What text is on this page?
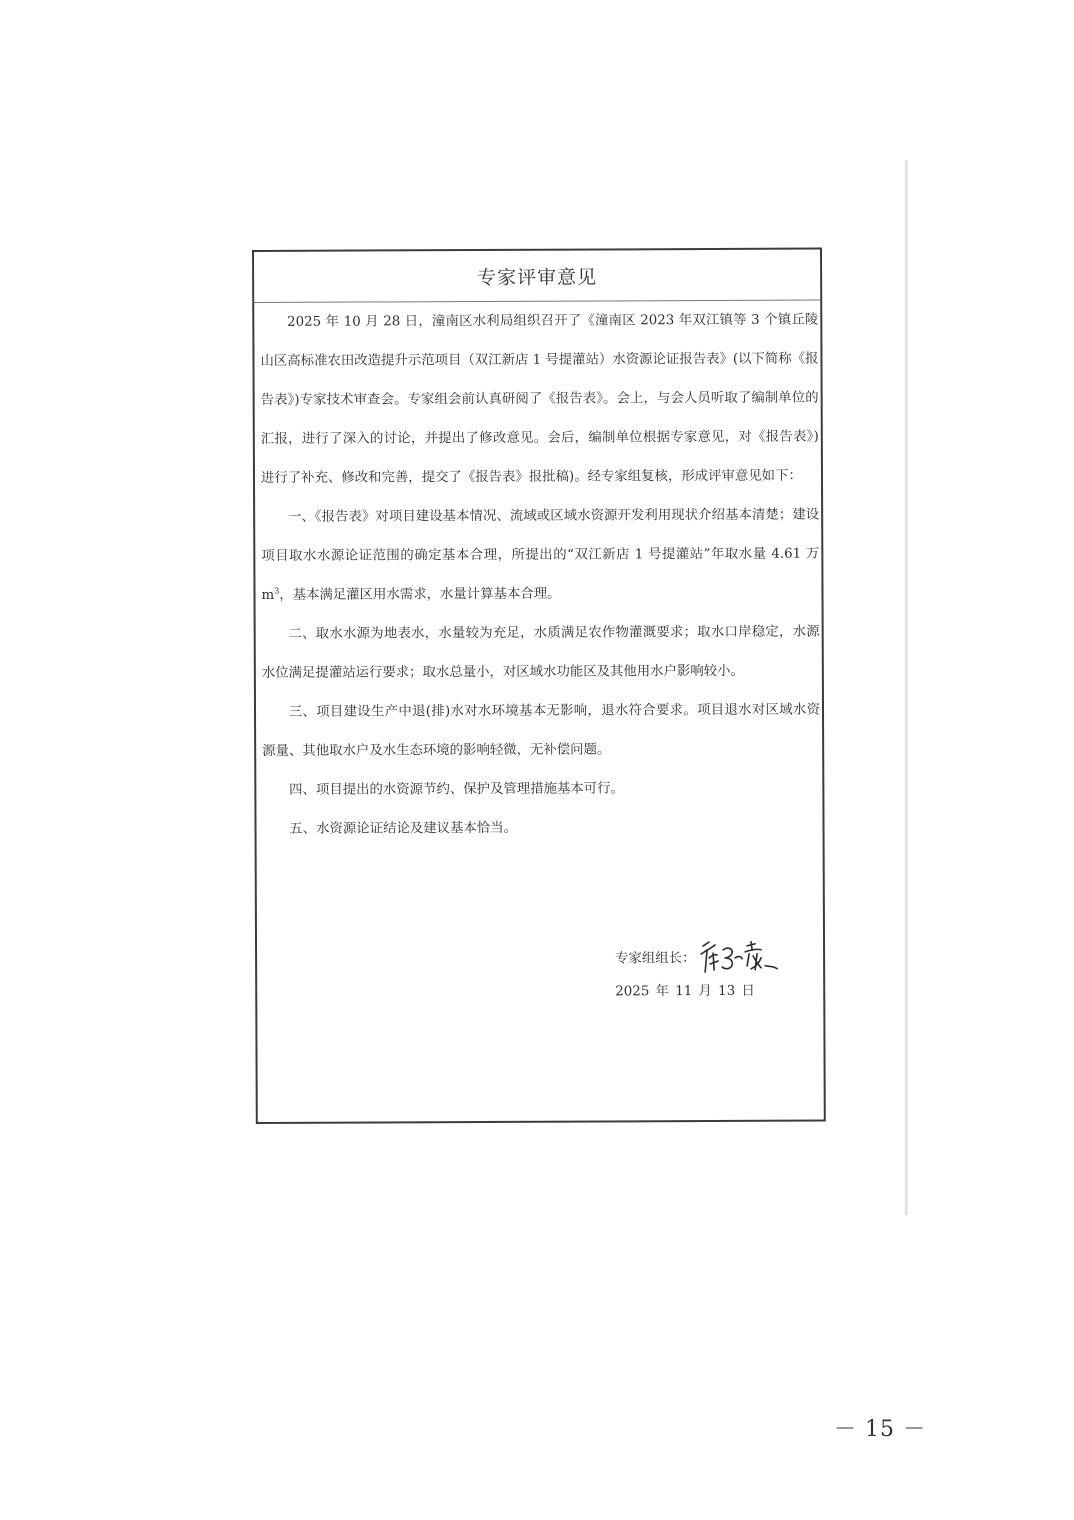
专家评审意见

2025 年 10 月 28 日，潼南区水利局组织召开了《潼南区 2023 年双江镇等 3 个镇丘陵山区高标准农田改造提升示范项目（双江新店 1 号提灌站）水资源论证报告表》(以下简称《报告表》)专家技术审查会。专家组会前认真研阅了《报告表》。会上，与会人员听取了编制单位的汇报，进行了深入的讨论，并提出了修改意见。会后，编制单位根据专家意见，对《报告表》)进行了补充、修改和完善，提交了《报告表》报批稿)。经专家组复核，形成评审意见如下：

一、《报告表》对项目建设基本情况、流域或区域水资源开发利用现状介绍基本清楚；建设项目取水水源论证范围的确定基本合理，所提出的“双江新店 1 号提灌站”年取水量 4.61 万 $m^3$，基本满足灌区用水需求，水量计算基本合理。

二、取水水源为地表水，水量较为充足，水质满足农作物灌溉要求；取水口岸稳定，水源水位满足提灌站运行要求；取水总量小，对区域水功能区及其他用水户影响较小。

三、项目建设生产中退(排)水对水环境基本无影响，退水符合要求。项目退水对区域水资源量、其他取水户及水生态环境的影响轻微，无补偿问题。

四、项目提出的水资源节约、保护及管理措施基本可行。

五、水资源论证结论及建议基本恰当。

专家组组长：
2025 年 11 月 13 日
－ 15 －
